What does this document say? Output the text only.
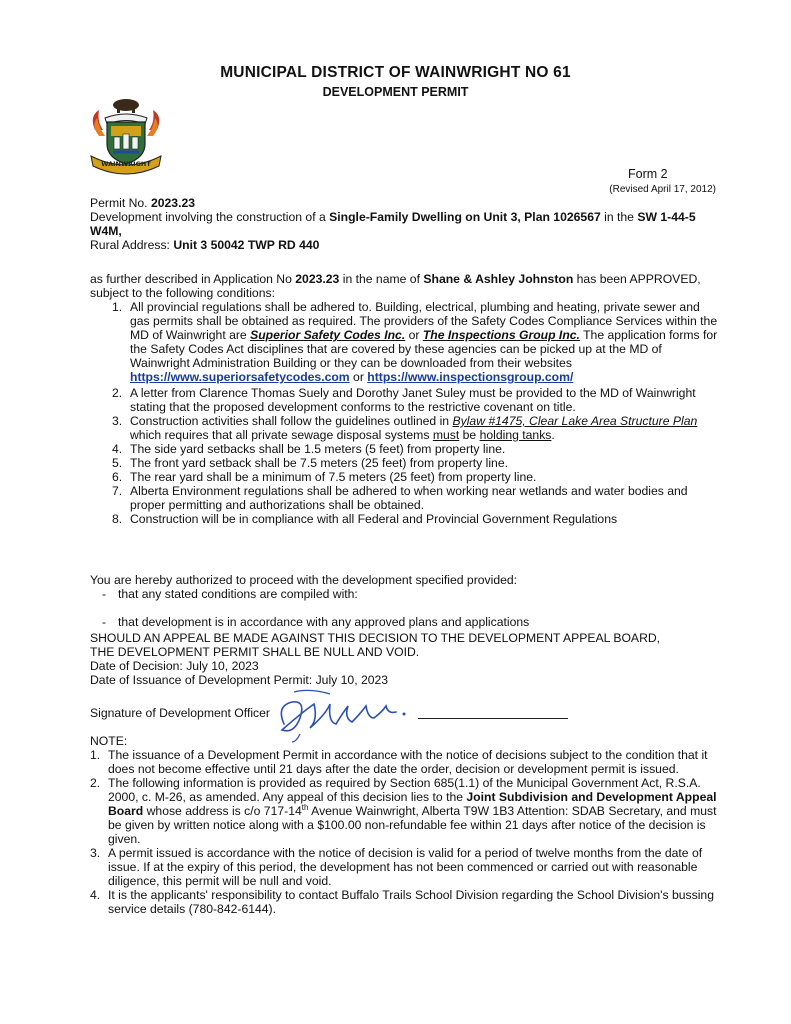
MUNICIPAL DISTRICT OF WAINWRIGHT NO 61
DEVELOPMENT PERMIT
WAINWRIGHT
Form 2
(Revised April 17, 2012)
Permit No. 2023.23
Development involving the construction of a Single-Family Dwelling on Unit 3, Plan 1026567 in the SW 1-44-5 W4M,
Rural Address: Unit 3 50042 TWP RD 440
as further described in Application No 2023.23 in the name of Shane & Ashley Johnston has been APPROVED, subject to the following conditions:
1. All provincial regulations shall be adhered to. Building, electrical, plumbing and heating, private sewer and gas permits shall be obtained as required. The providers of the Safety Codes Compliance Services within the MD of Wainwright are Superior Safety Codes Inc. or The Inspections Group Inc. The application forms for the Safety Codes Act disciplines that are covered by these agencies can be picked up at the MD of Wainwright Administration Building or they can be downloaded from their websites https://www.superiorsafetycodes.com or https://www.inspectionsgroup.com/
2. A letter from Clarence Thomas Suely and Dorothy Janet Suley must be provided to the MD of Wainwright stating that the proposed development conforms to the restrictive covenant on title.
3. Construction activities shall follow the guidelines outlined in Bylaw #1475, Clear Lake Area Structure Plan which requires that all private sewage disposal systems must be holding tanks.
4. The side yard setbacks shall be 1.5 meters (5 feet) from property line.
5. The front yard setback shall be 7.5 meters (25 feet) from property line.
6. The rear yard shall be a minimum of 7.5 meters (25 feet) from property line.
7. Alberta Environment regulations shall be adhered to when working near wetlands and water bodies and proper permitting and authorizations shall be obtained.
8. Construction will be in compliance with all Federal and Provincial Government Regulations
You are hereby authorized to proceed with the development specified provided:
- that any stated conditions are compiled with:
- that development is in accordance with any approved plans and applications
SHOULD AN APPEAL BE MADE AGAINST THIS DECISION TO THE DEVELOPMENT APPEAL BOARD, THE DEVELOPMENT PERMIT SHALL BE NULL AND VOID.
Date of Decision: July 10, 2023
Date of Issuance of Development Permit: July 10, 2023
Signature of Development Officer
NOTE:
1. The issuance of a Development Permit in accordance with the notice of decisions subject to the condition that it does not become effective until 21 days after the date the order, decision or development permit is issued.
2. The following information is provided as required by Section 685(1.1) of the Municipal Government Act, R.S.A. 2000, c. M-26, as amended. Any appeal of this decision lies to the Joint Subdivision and Development Appeal Board whose address is c/o 717-14th Avenue Wainwright, Alberta T9W 1B3 Attention: SDAB Secretary, and must be given by written notice along with a $100.00 non-refundable fee within 21 days after notice of the decision is given.
3. A permit issued is accordance with the notice of decision is valid for a period of twelve months from the date of issue. If at the expiry of this period, the development has not been commenced or carried out with reasonable diligence, this permit will be null and void.
4. It is the applicants' responsibility to contact Buffalo Trails School Division regarding the School Division's bussing service details (780-842-6144).
